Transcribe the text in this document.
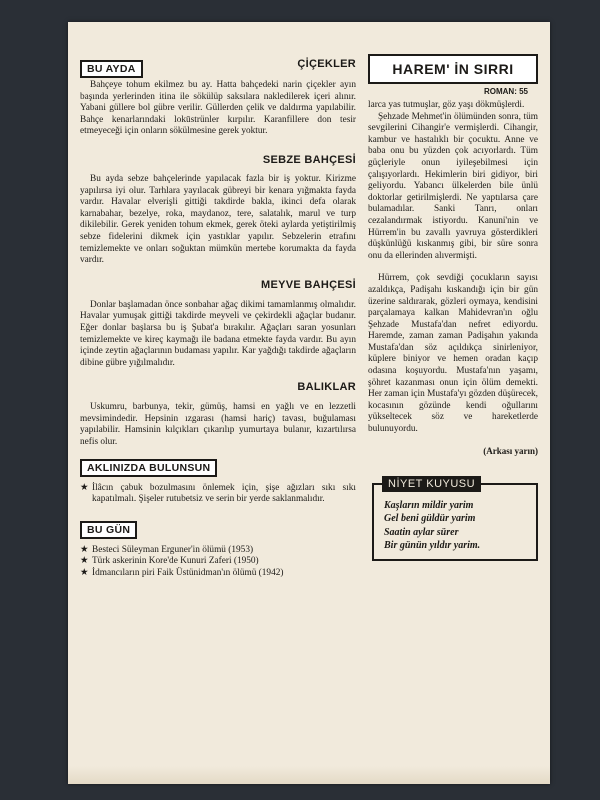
BU AYDA	ÇİÇEKLER

Bahçeye tohum ekilmez bu ay. Hatta bahçedeki narin çiçekler ayın başında yerlerinden itina ile sökülüp saksılara nakledilerek içeri alınır. Yabani güllere bol gübre verilir. Güllerden çelik ve daldırma yapılabilir. Bahçe kenarlarındaki lokūstrünler kırpılır. Karanfillere don tesir etmeyeceği için onların sökülmesine gerek yoktur.

SEBZE BAHÇESİ

Bu ayda sebze bahçelerinde yapılacak fazla bir iş yoktur. Kirizme yapılırsa iyi olur. Tarhlara yayılacak gübreyi bir kenara yığmakta fayda vardır. Havalar elverişli gittiği takdirde bakla, ikinci defa olarak karnabahar, bezelye, roka, maydanoz, tere, salatalık, marul ve turp dikilebilir. Gerek yeniden tohum ekmek, gerek öteki aylarda yetiştirilmiş sebze fidelerini dikmek için yastıklar yapılır. Sebzelerin etrafını temizlemekte ve onları soğuktan mümkün mertebe korumakta da fayda vardır.

MEYVE BAHÇESİ

Donlar başlamadan önce sonbahar ağaç dikimi tamamlanmış olmalıdır. Havalar yumuşak gittiği takdirde meyveli ve çekirdekli ağaçlar budanır. Eğer donlar başlarsa bu iş Şubat'a bırakılır. Ağaçları saran yosunları temizlemekte ve kireç kaymağı ile badana etmekte fayda vardır. Bu ayın içinde zeytin ağaçlarının budaması yapılır. Kar yağdığı takdirde ağaçların dibine gübre yığılmalıdır.

BALIKLAR

Uskumru, barbunya, tekir, gümüş, hamsi en yağlı ve en lezzetli mevsimindedir. Hepsinin ızgarası (hamsi hariç) tavası, buğulaması yapılabilir. Hamsinin kılçıkları çıkarılıp yumurtaya bulanır, kızartılırsa nefis olur.

AKLINIZDA BULUNSUN
★ İlâcın çabuk bozulmasını önlemek için, şişe ağızları sıkı sıkı kapatılmalı. Şişeler rutubetsiz ve serin bir yerde saklanmalıdır.
BU GÜN
★ Besteci Süleyman Erguner'in ölümü (1953)
★ Türk askerinin Kore'de Kunuri Zaferi (1950)
★ İdmancıların piri Faik Üstünidman'ın ölümü (1942)
HAREM' İN SIRRI
ROMAN: 55

larca yas tutmuşlar, göz yaşı dökmüşlerdi.

Şehzade Mehmet'in ölümünden sonra, tüm sevgilerini Cihangir'e vermişlerdi. Cihangir, kambur ve hastalıklı bir çocuktu. Anne ve baba onu bu yüzden çok acıyorlardı. Tüm güçleriyle onun iyileşebilmesi için çalışıyorlardı. Hekimlerin biri gidiyor, biri geliyordu. Yabancı ülkelerden bile ünlü doktorlar getirilmişlerdi. Ne yaptılarsa çare bulamadılar. Sanki Tanrı, onları cezalandırmak istiyordu. Kanuni'nin ve Hürrem'in bu zavallı yavruya gösterdikleri düşkünlüğü kıskanmış gibi, bir süre sonra onu da ellerinden alıvermişti.

Hürrem, çok sevdiği çocukların sayısı azaldıkça, Padişahı kıskandığı için bir gün üzerine saldırarak, gözleri oymaya, kendisini parçalamaya kalkan Mahidevran'ın oğlu Şehzade Mustafa'dan nefret ediyordu. Haremde, zaman zaman Padişahın yakında Mustafa'dan söz açıldıkça sinirleniyor, küplere biniyor ve hemen oradan kaçıp odasına koşuyordu. Mustafa'nın yaşamı, şöhret kazanması onun için ölüm demekti. Her zaman için Mustafa'yı gözden düşürecek, kocasının gözünde kendi oğullarını yükseltecek söz ve hareketlerde bulunuyordu.

(Arkası yarın)
NİYET KUYUSU
Kaşların mildir yarim
Gel beni güldür yarim
Saatin aylar sürer
Bir günün yıldır yarim.
